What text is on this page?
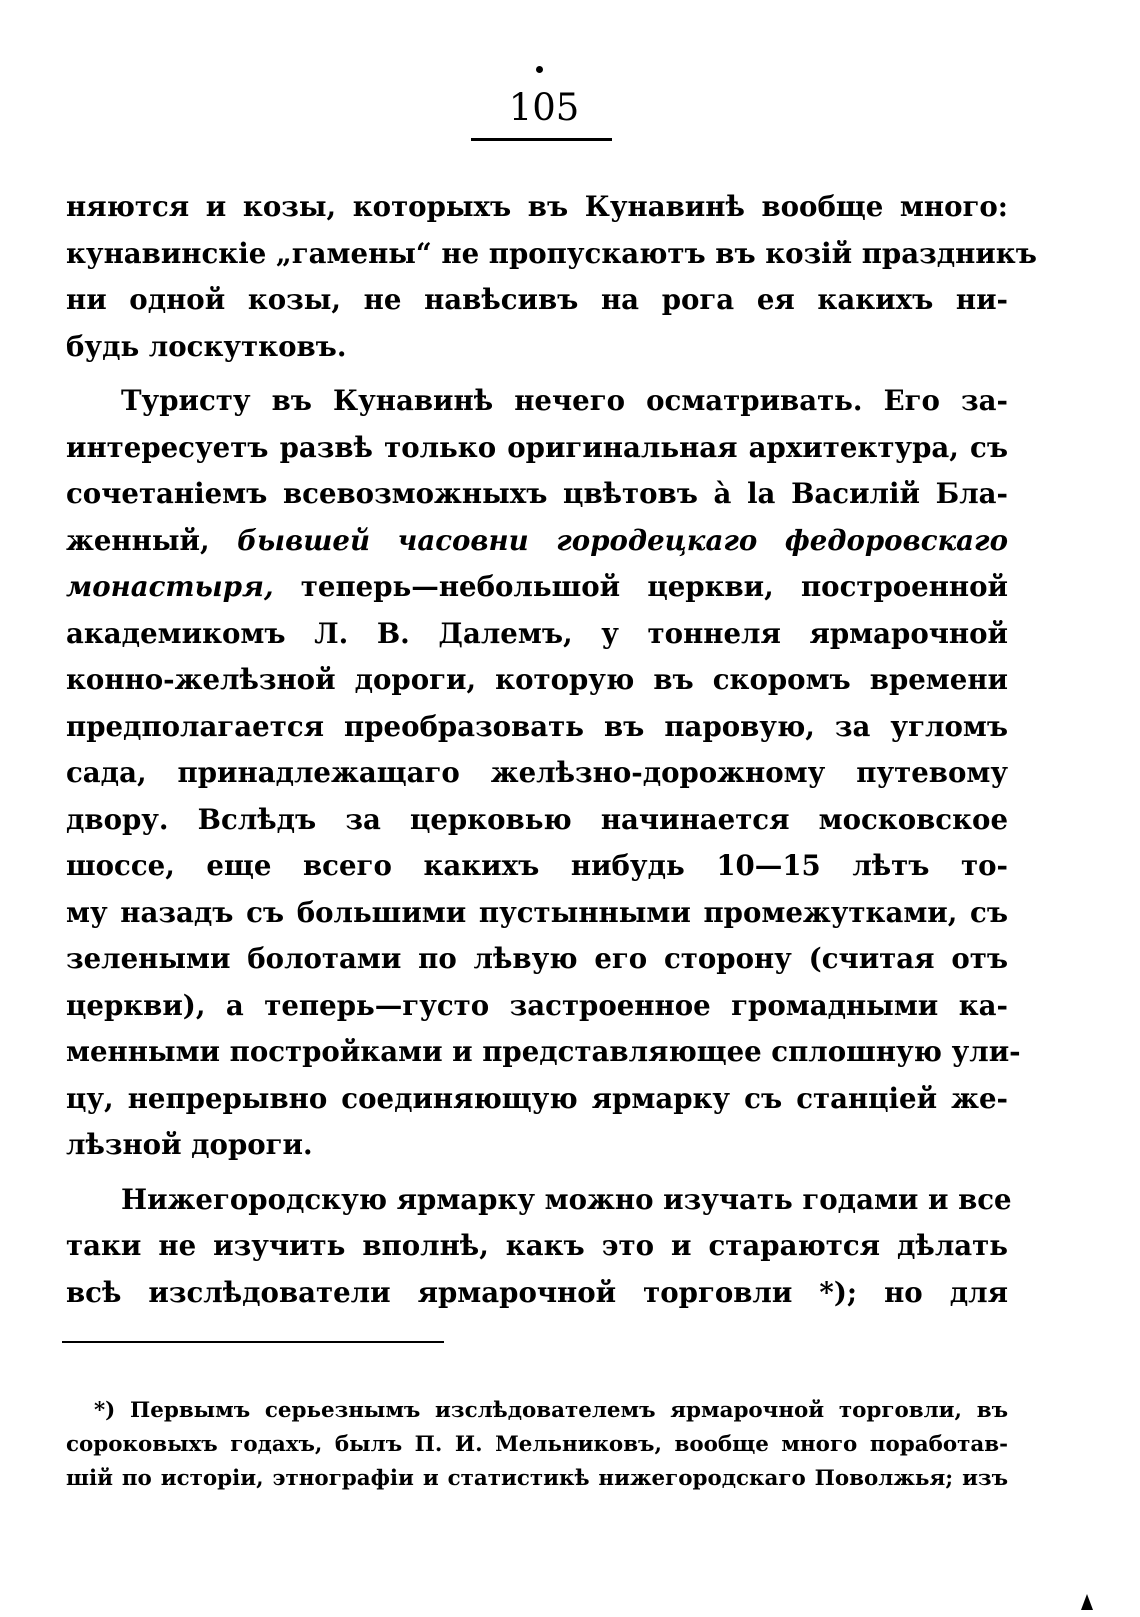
105
няются и козы, которыхъ въ Кунавинѣ вообще много:
кунавинскіе „гамены“ не пропускаютъ въ козій праздникъ
ни одной козы, не навѣсивъ на рога ея какихъ ни-
будь лоскутковъ.
Туристу въ Кунавинѣ нечего осматривать. Его за-
интересуетъ развѣ только оригинальная архитектура, съ
сочетаніемъ всевозможныхъ цвѣтовъ à la Василій Бла-
женный, бывшей часовни городецкаго федоровскаго
монастыря, теперь—небольшой церкви, построенной
академикомъ Л. В. Далемъ, у тоннеля ярмарочной
конно-желѣзной дороги, которую въ скоромъ времени
предполагается преобразовать въ паровую, за угломъ
сада, принадлежащаго желѣзно-дорожному путевому
двору. Вслѣдъ за церковью начинается московское
шоссе, еще всего какихъ нибудь 10—15 лѣтъ то-
му назадъ съ большими пустынными промежутками, съ
зелеными болотами по лѣвую его сторону (считая отъ
церкви), а теперь—густо застроенное громадными ка-
менными постройками и представляющее сплошную ули-
цу, непрерывно соединяющую ярмарку съ станціей же-
лѣзной дороги.
Нижегородскую ярмарку можно изучать годами и все
таки не изучить вполнѣ, какъ это и стараются дѣлать
всѣ изслѣдователи ярмарочной торговли *); но для
*) Первымъ серьезнымъ изслѣдователемъ ярмарочной торговли, въ
сороковыхъ годахъ, былъ П. И. Мельниковъ, вообще много поработав-
шій по исторіи, этнографіи и статистикѣ нижегородскаго Поволжья; изъ
